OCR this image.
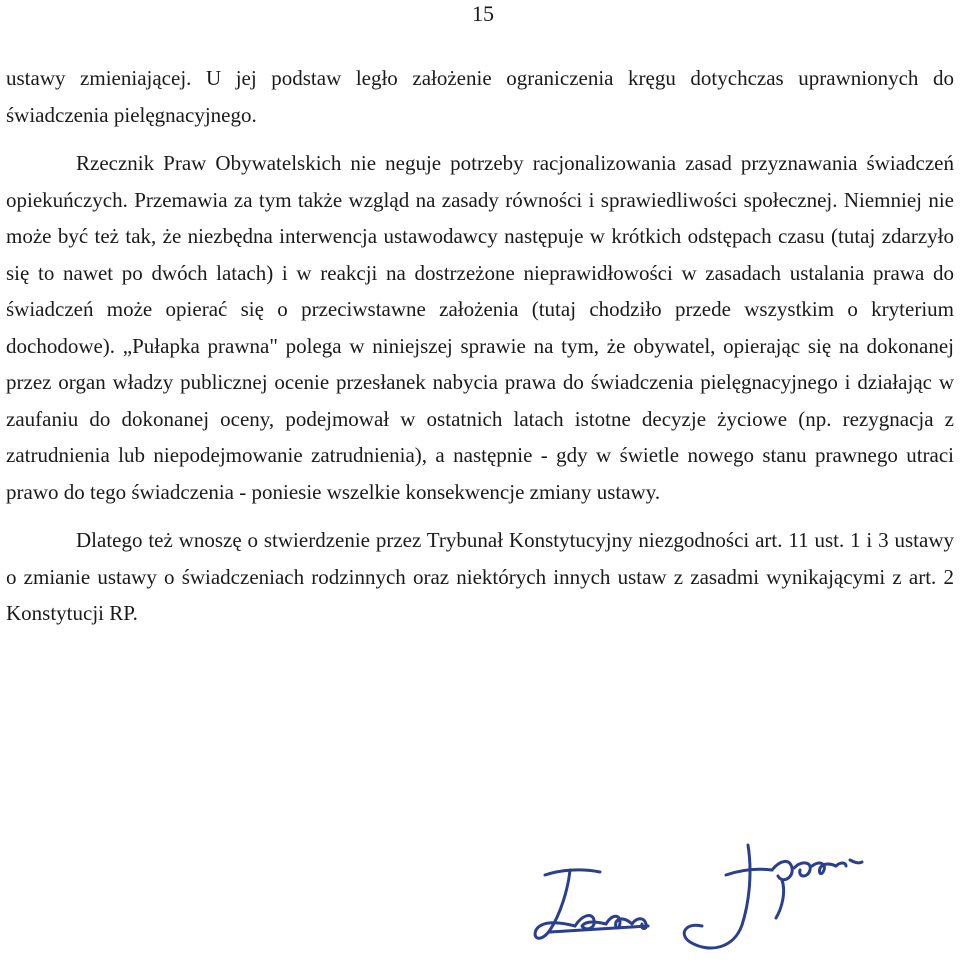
15

ustawy zmieniającej. U jej podstaw legło założenie ograniczenia kręgu dotychczas uprawnionych do świadczenia pielęgnacyjnego.

Rzecznik Praw Obywatelskich nie neguje potrzeby racjonalizowania zasad przyznawania świadczeń opiekuńczych. Przemawia za tym także wzgląd na zasady równości i sprawiedliwości społecznej. Niemniej nie może być też tak, że niezbędna interwencja ustawodawcy następuje w krótkich odstępach czasu (tutaj zdarzyło się to nawet po dwóch latach) i w reakcji na dostrzeżone nieprawidłowości w zasadach ustalania prawa do świadczeń może opierać się o przeciwstawne założenia (tutaj chodziło przede wszystkim o kryterium dochodowe). „Pułapka prawna" polega w niniejszej sprawie na tym, że obywatel, opierając się na dokonanej przez organ władzy publicznej ocenie przesłanek nabycia prawa do świadczenia pielęgnacyjnego i działając w zaufaniu do dokonanej oceny, podejmował w ostatnich latach istotne decyzje życiowe (np. rezygnacja z zatrudnienia lub niepodejmowanie zatrudnienia), a następnie - gdy w świetle nowego stanu prawnego utraci prawo do tego świadczenia - poniesie wszelkie konsekwencje zmiany ustawy.

Dlatego też wnoszę o stwierdzenie przez Trybunał Konstytucyjny niezgodności art. 11 ust. 1 i 3 ustawy o zmianie ustawy o świadczeniach rodzinnych oraz niektórych innych ustaw z zasadmi wynikającymi z art. 2 Konstytucji RP.
